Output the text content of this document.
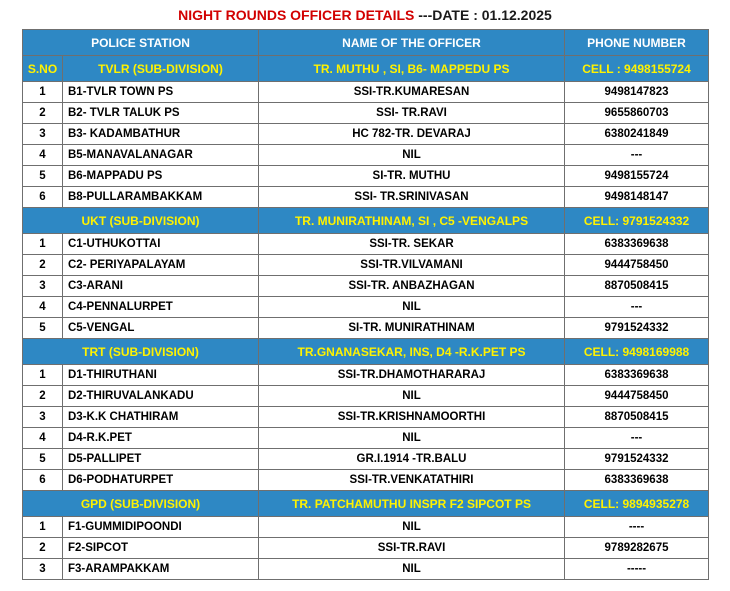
NIGHT ROUNDS OFFICER DETAILS ---DATE : 01.12.2025
POLICE STATION		NAME OF THE OFFICER	PHONE NUMBER
S.NO	TVLR (SUB-DIVISION)	TR. MUTHU , SI, B6- MAPPEDU PS	CELL : 9498155724
1	B1-TVLR TOWN PS	SSI-TR.KUMARESAN	9498147823
2	B2- TVLR TALUK PS	SSI- TR.RAVI	9655860703
3	B3- KADAMBATHUR	HC 782-TR. DEVARAJ	6380241849
4	B5-MANAVALANAGAR	NIL	---
5	B6-MAPPADU PS	SI-TR. MUTHU	9498155724
6	B8-PULLARAMBAKKAM	SSI- TR.SRINIVASAN	9498148147
UKT (SUB-DIVISION)		TR. MUNIRATHINAM, SI , C5 -VENGALPS	CELL: 9791524332
1	C1-UTHUKOTTAI	SSI-TR. SEKAR	6383369638
2	C2- PERIYAPALAYAM	SSI-TR.VILVAMANI	9444758450
3	C3-ARANI	SSI-TR. ANBAZHAGAN	8870508415
4	C4-PENNALURPET	NIL	---
5	C5-VENGAL	SI-TR. MUNIRATHINAM	9791524332
TRT (SUB-DIVISION)		TR.GNANASEKAR, INS, D4 -R.K.PET PS	CELL: 9498169988
1	D1-THIRUTHANI	SSI-TR.DHAMOTHARARAJ	6383369638
2	D2-THIRUVALANKADU	NIL	9444758450
3	D3-K.K CHATHIRAM	SSI-TR.KRISHNAMOORTHI	8870508415
4	D4-R.K.PET	NIL	---
5	D5-PALLIPET	GR.I.1914 -TR.BALU	9791524332
6	D6-PODHATURPET	SSI-TR.VENKATATHIRI	6383369638
GPD (SUB-DIVISION)		TR. PATCHAMUTHU INSPR F2 SIPCOT PS	CELL: 9894935278
1	F1-GUMMIDIPOONDI	NIL	----
2	F2-SIPCOT	SSI-TR.RAVI	9789282675
3	F3-ARAMPAKKAM	NIL	-----
